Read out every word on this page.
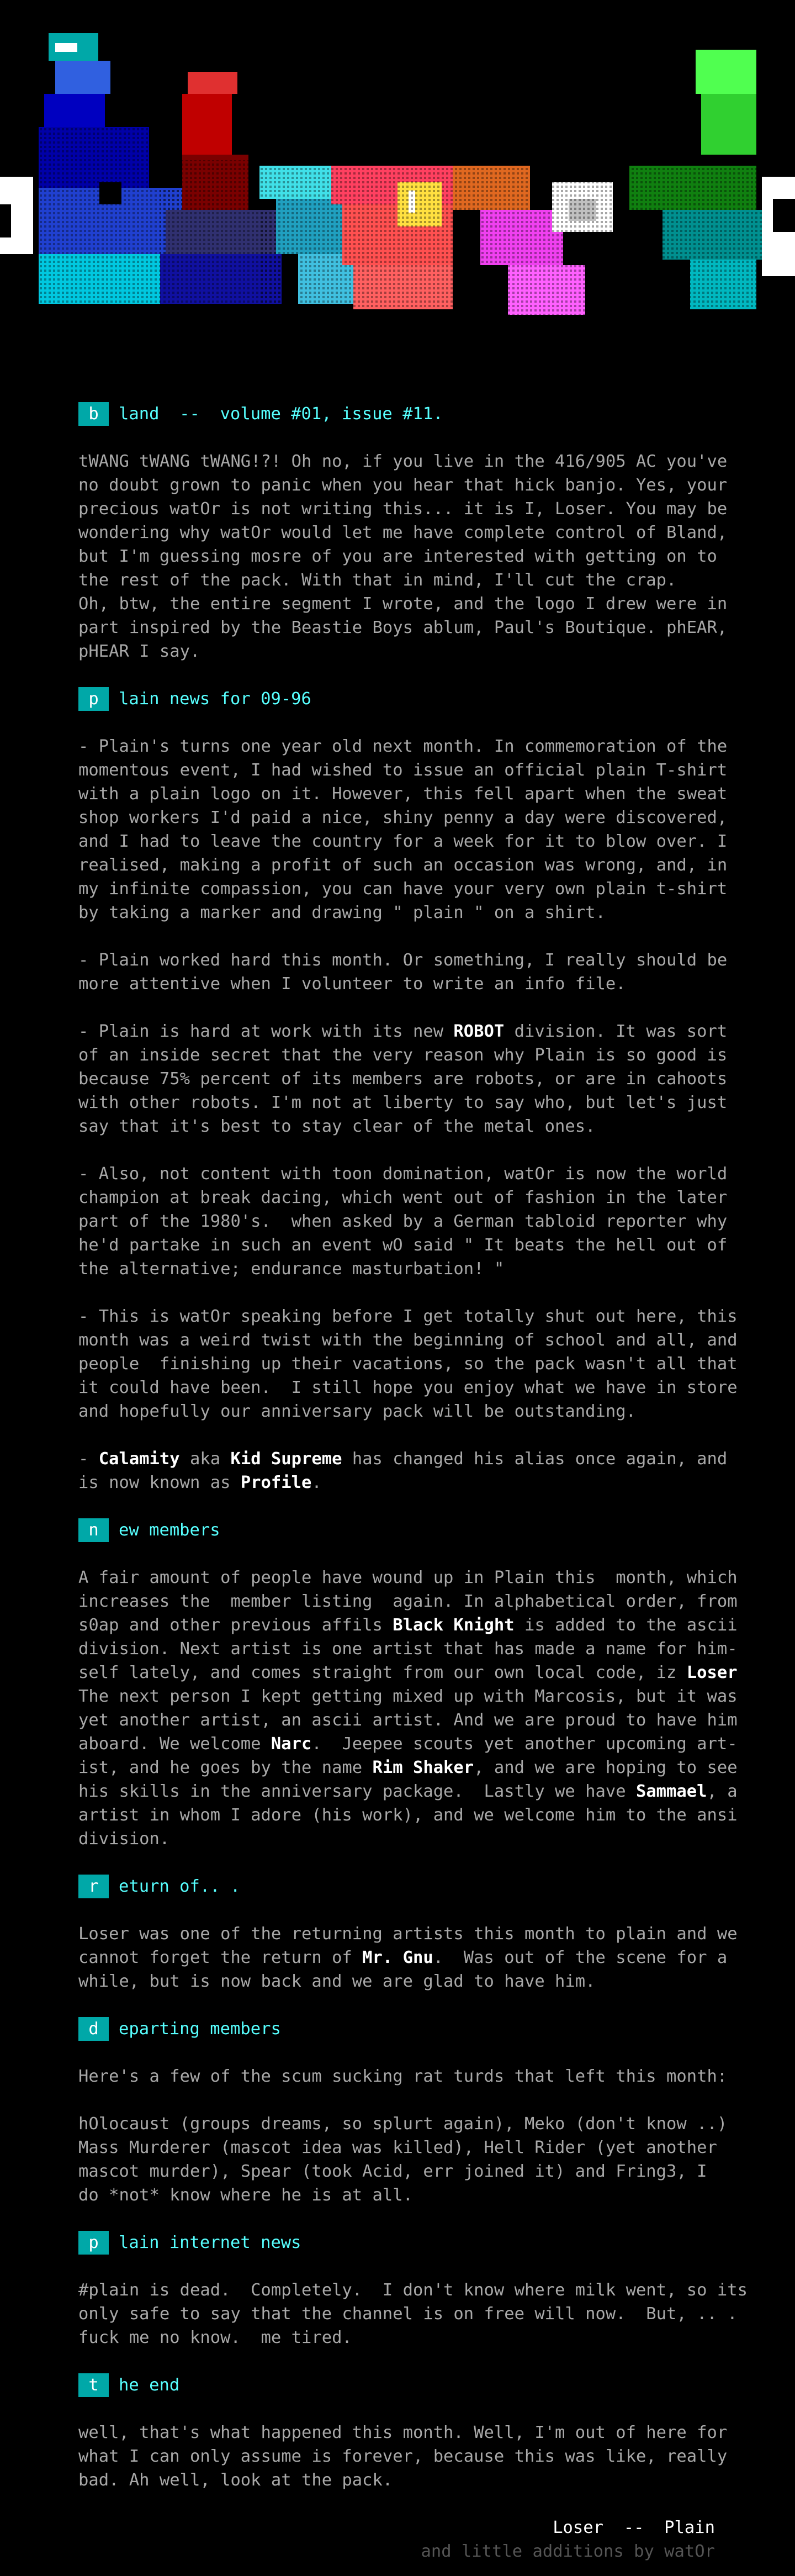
b	land  --  volume #01, issue #11.
tWANG tWANG tWANG!?! Oh no, if you live in the 416/905 AC you've
no doubt grown to panic when you hear that hick banjo. Yes, your
precious watOr is not writing this... it is I, Loser. You may be
wondering why watOr would let me have complete control of Bland,
but I'm guessing mosre of you are interested with getting on to
the rest of the pack. With that in mind, I'll cut the crap.
Oh, btw, the entire segment I wrote, and the logo I drew were in
part inspired by the Beastie Boys ablum, Paul's Boutique. phEAR,
pHEAR I say.
p	lain news for 09-96
- Plain's turns one year old next month. In commemoration of the
momentous event, I had wished to issue an official plain T-shirt
with a plain logo on it. However, this fell apart when the sweat
shop workers I'd paid a nice, shiny penny a day were discovered,
and I had to leave the country for a week for it to blow over. I
realised, making a profit of such an occasion was wrong, and, in
my infinite compassion, you can have your very own plain t-shirt
by taking a marker and drawing " plain " on a shirt.
- Plain worked hard this month. Or something, I really should be
more attentive when I volunteer to write an info file.
- Plain is hard at work with its new ROBOT division. It was sort
of an inside secret that the very reason why Plain is so good is
because 75% percent of its members are robots, or are in cahoots
with other robots. I'm not at liberty to say who, but let's just
say that it's best to stay clear of the metal ones.
- Also, not content with toon domination, watOr is now the world
champion at break dacing, which went out of fashion in the later
part of the 1980's.  when asked by a German tabloid reporter why
he'd partake in such an event wO said " It beats the hell out of
the alternative; endurance masturbation! "
- This is watOr speaking before I get totally shut out here, this
month was a weird twist with the beginning of school and all, and
people  finishing up their vacations, so the pack wasn't all that
it could have been.  I still hope you enjoy what we have in store
and hopefully our anniversary pack will be outstanding.
- Calamity aka Kid Supreme has changed his alias once again, and
is now known as Profile.
n	ew members
A fair amount of people have wound up in Plain this  month, which
increases the  member listing  again. In alphabetical order, from
s0ap and other previous affils Black Knight is added to the ascii
division. Next artist is one artist that has made a name for him-
self lately, and comes straight from our own local code, iz Loser
The next person I kept getting mixed up with Marcosis, but it was
yet another artist, an ascii artist. And we are proud to have him
aboard. We welcome Narc.  Jeepee scouts yet another upcoming art-
ist, and he goes by the name Rim Shaker, and we are hoping to see
his skills in the anniversary package.  Lastly we have Sammael, a
artist in whom I adore (his work), and we welcome him to the ansi
division.
r	eturn of.. .
Loser was one of the returning artists this month to plain and we
cannot forget the return of Mr. Gnu.  Was out of the scene for a
while, but is now back and we are glad to have him.
d	eparting members
Here's a few of the scum sucking rat turds that left this month:
hOlocaust (groups dreams, so splurt again), Meko (don't know ..)
Mass Murderer (mascot idea was killed), Hell Rider (yet another
mascot murder), Spear (took Acid, err joined it) and Fring3, I
do *not* know where he is at all.
p	lain internet news
#plain is dead.  Completely.  I don't know where milk went, so its
only safe to say that the channel is on free will now.  But, .. .
fuck me no know.  me tired.
t	he end
well, that's what happened this month. Well, I'm out of here for
what I can only assume is forever, because this was like, really
bad. Ah well, look at the pack.
Loser  --  Plain
and little additions by watOr
